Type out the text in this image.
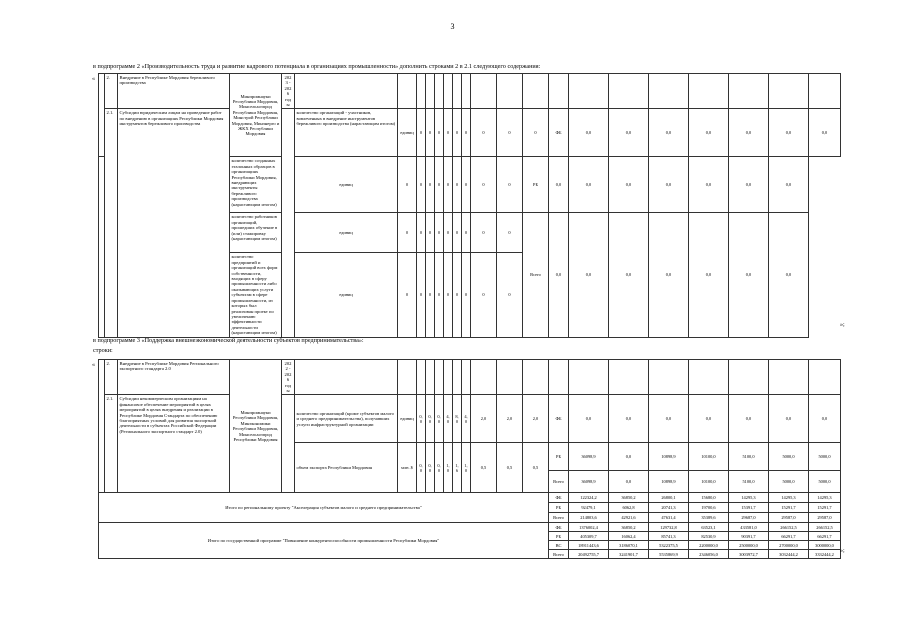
3
в подпрограмме 2 «Производительность труда и развитие кадрового потенциала в организациях промышленности» дополнить строками 2 в 2.1 следующего содержания:
«
		2.	Внедрение в Республике Мордовия бережливого производства	Минпромнауки Республики Мордовия, Минсельхозпрод Республики Мордовия, Минстрой Республики Мордовия, Минэнерго и ЖКХ Республики Мордовия	2023 - 2026 годы																			
	2.1.	Субсидии юридическим лицам на проведение работ по внедрению в организациях Республики Мордовия инструментов бережливого производства			количество организаций - участников, вовлеченных в внедрение инструментов бережливого производства (нарастающим итогом)	единиц	0	0	0	0	0	0	0	0	0	ФБ	0,0	0,0	0,0	0,0	0,0	0,0	0,0
			количество созданных эталонных образцов в организациях Республики Мордовия, внедряющих инструменты бережливого производства (нарастающим итогом)		единиц	0	0	0	0	0	0	0	0	0	РБ	0,0	0,0	0,0	0,0	0,0	0,0	0,0	
			количество работников организаций, прошедших обучение в (или) стажировку (нарастающим итогом)		единиц	0	0	0	0	0	0	0	0	0	Всего	0,0	0,0	0,0	0,0	0,0	0,0	0,0	
			количество предприятий и организаций всех форм собственности, входящих в сферу промышленности либо оказывающих услуги субъектам в сфере промышленности, из которых был реализован проект по увеличению эффективности деятельности (нарастающим итогом)		единиц	0	0	0	0	0	0	0	0	0									
»;
в подпрограмме 3 «Поддержка внешнеэкономической деятельности субъектов предпринимательства»:
строки:
«
		2.	Внедрение в Республике Мордовия Регионального экспортного стандарта 2.0	Минпромнауки Республики Мордовия, Минэкономики Республики Мордовия, Минсельхозпрод Республики Мордовия	2022 - 2026 годы																			
	2.1.	Субсидии некоммерческим организациям на финансовое обеспечение мероприятий в целях мероприятий в целях внедрения и реализации в Республике Мордовия Стандарта по обеспечению благоприятных условий для развития экспортной деятельности в субъектах Российской Федерации (Регионального экспортного стандарт 2.0)			количество организаций (кроме субъектов малого и среднего предпринимательства), получивших услуги инфраструктурной организации	единиц	0,0	0,0	0,0	4,0	8,0	4,0	2,0	2,0	2,0	ФБ	0,0	0,0	0,0	0,0	0,0	0,0	0,0
					объем экспорта Республики Мордовия	млн. $	0,0	0,0	0,0	1,0	1,6	1,0	0,5	0,5	0,5	РБ	36098,9	0,0	10898,9	10100,0	5100,0	5000,0	5000,0
																Всего	36098,9	0,0	10898,9	10100,0	5100,0	5000,0	5000,0
Итого по региональному проекту "Акселерация субъектов малого и среднего предпринимательства"																ФБ	122324,2	36850,2	26800,1	15680,0	14295,3	14295,3	14295,3
																РБ	92479,1	6062,8	20741,3	19700,6	15391,7	15291,7	15291,7
																Всего	214803,6	42921,6	47631,4	35389,6	29687,0	29587,0	29587,0
Итого по государственной программе "Повышение конкурентоспособности промышленности Республики Мордовия"																ФБ	1376002,4	36850,2	129732,8	63523,1	433581,0	266152,5	266152,5
																РБ	405309,7	16062,4	85741,3	82530,9	90391,7	66291,7	66291,7
																ВС	18911443,6	3186070,1	5322375,5	2200000,0	2500000,0	2700000,0	3000000,0
																Всего	20492755,7	3241901,7	5535869,9	2346056,0	3003972,7	3032444,2	3332444,2
»;
